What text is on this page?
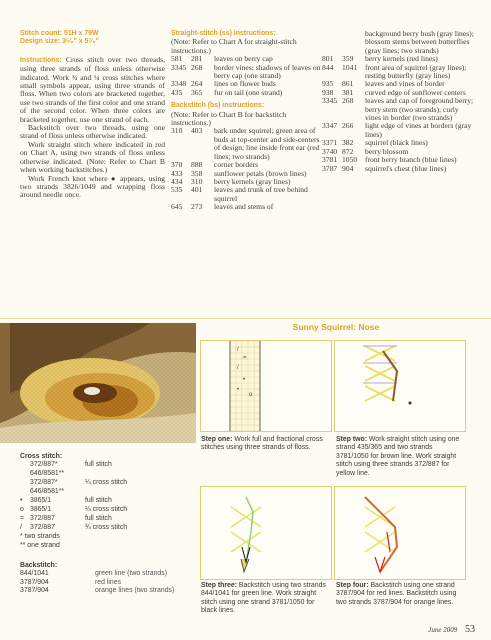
Stitch count: 51H x 79W
Design size: 3⁵⁄₈" x 5⁷⁄₈"

Instructions: Cross stitch over two threads, using three strands of floss unless otherwise indicated. Work ¾ and ¼ cross stitches where small symbols appear, using three strands of floss. When two colors are bracketed together, use two strands of the first color and one strand of the second color. When three colors are bracketed together, use one strand of each.

Backstitch over two threads, using one strand of floss unless otherwise indicated.

Work straight stitch where indicated in red on Chart A, using two strands of floss unless otherwise indicated. (Note: Refer to Chart B when working backstitches.)

Work French knot where ● appears, using two strands 3826/1049 and wrapping floss around needle once.

Straight-stitch (ss) instructions:
(Note: Refer to Chart A for straight-stitch instructions.)
581	281	leaves on berry cap
3345 268	border vines; shadows of leaves on berry cap (one strand)
3348 264	lines on flower buds
435	365	fur on tail (one strand)
Backstitch (bs) instructions:
(Note: Refer to Chart B for backstitch instructions.)
310	403	bark under squirrel; green area of buds at top-center and side-centers of design; line inside front ear (red lines; two strands)
370	888	corner borders
433	358	sunflower petals (brown lines)
434	310	berry kernels (gray lines)
535	401	leaves and trunk of tree behind squirrel
645	273	leaves and stems of
background berry bush (gray lines); blossom stems between butterflies (gray lines; two strands)
801	359	berry kernels (red lines)
844	1041	front area of squirrel (gray lines); resting butterfly (gray lines)
935	861	leaves and vines of border
938	381	curved edge of sunflower centers
3345 268	leaves and cap of foreground berry; berry stem (two strands); curly vines in border (two strands)
3347 266	light edge of vines at borders (gray lines)
3371 382	squirrel (black lines)
3740 872	berry blossom
3781 1050	front berry branch (blue lines)
3787 904	squirrel's chest (blue lines)
Sunny Squirrel: Nose
/
=
/
•
•
o
Step one: Work full and fractional cross stitches using three strands of floss.
Step two: Work straight stitch using one strand 435/365 and two strands 3781/1050 for brown line. Work straight stitch using three strands 372/887 for yellow line.
Step three: Backstitch using two strands 844/1041 for green line. Work straight stitch using one strand 3781/1050 for black lines.
Step four: Backstitch using one strand 3787/904 for red lines. Backstitch using two strands 3787/904 for orange lines.
Cross stitch:
372/887*	full stitch
646/8581**
372/887*	¼ cross stitch
646/8581**
•	3865/1	full stitch
o 3865/1	¼ cross stitch
= 372/887	full stitch
/	372/887	¾ cross stitch
* two strands
** one strand
Backstitch:
844/1041	green line (two strands)
3787/904	red lines
3787/904	orange lines (two strands)
June 2009 53
